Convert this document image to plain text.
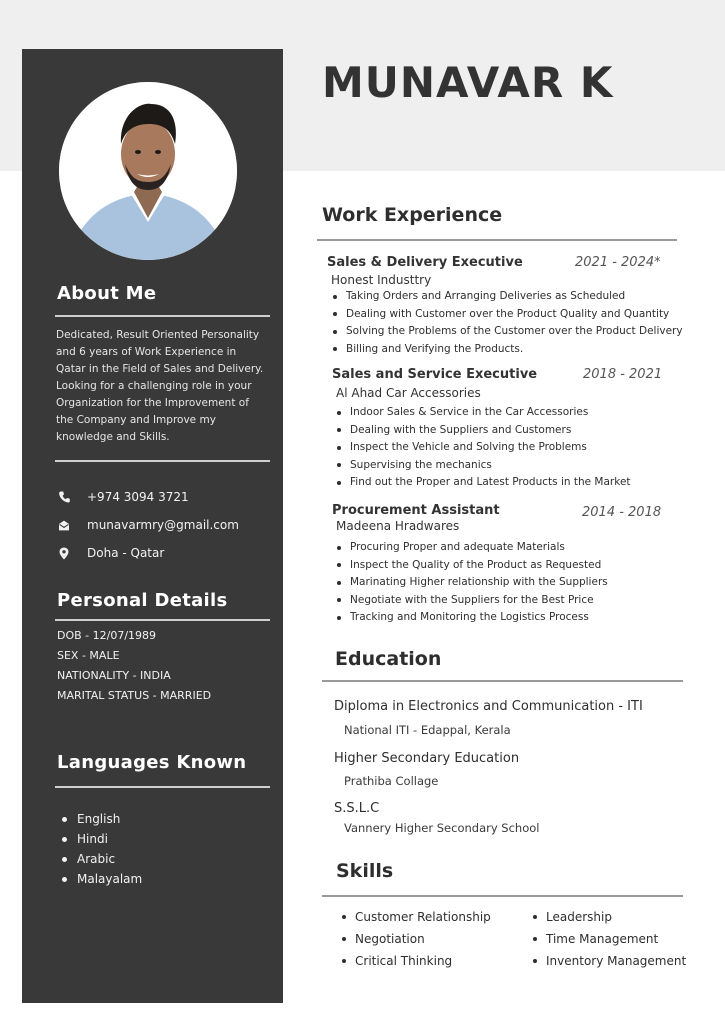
About Me
Dedicated, Result Oriented Personality and 6 years of Work Experience in Qatar in the Field of Sales and Delivery. Looking for a challenging role in your Organization for the Improvement of the Company and Improve my knowledge and Skills.
+974 3094 3721
munavarmry@gmail.com
Doha - Qatar
Personal Details
DOB - 12/07/1989
SEX - MALE
NATIONALITY - INDIA
MARITAL STATUS - MARRIED
Languages Known
English
Hindi
Arabic
Malayalam
MUNAVAR K
Work Experience
Sales & Delivery Executive	2021 - 2024*
Honest Industtry
Taking Orders and Arranging Deliveries as Scheduled
Dealing with Customer over the Product Quality and Quantity
Solving the Problems of the Customer over the Product Delivery
Billing and Verifying the Products.
Sales and Service Executive	2018 - 2021
Al Ahad Car Accessories
Indoor Sales & Service in the Car Accessories
Dealing with the Suppliers and Customers
Inspect the Vehicle and Solving the Problems
Supervising the mechanics
Find out the Proper and Latest Products in the Market
Procurement Assistant	2014 - 2018
Madeena Hradwares
Procuring Proper and adequate Materials
Inspect the Quality of the Product as Requested
Marinating Higher relationship with the Suppliers
Negotiate with the Suppliers for the Best Price
Tracking and Monitoring the Logistics Process
Education
Diploma in Electronics and Communication - ITI
National ITI - Edappal, Kerala
Higher Secondary Education
Prathiba Collage
S.S.L.C
Vannery Higher Secondary School
Skills
Customer Relationship
Negotiation
Critical Thinking
Leadership
Time Management
Inventory Management
